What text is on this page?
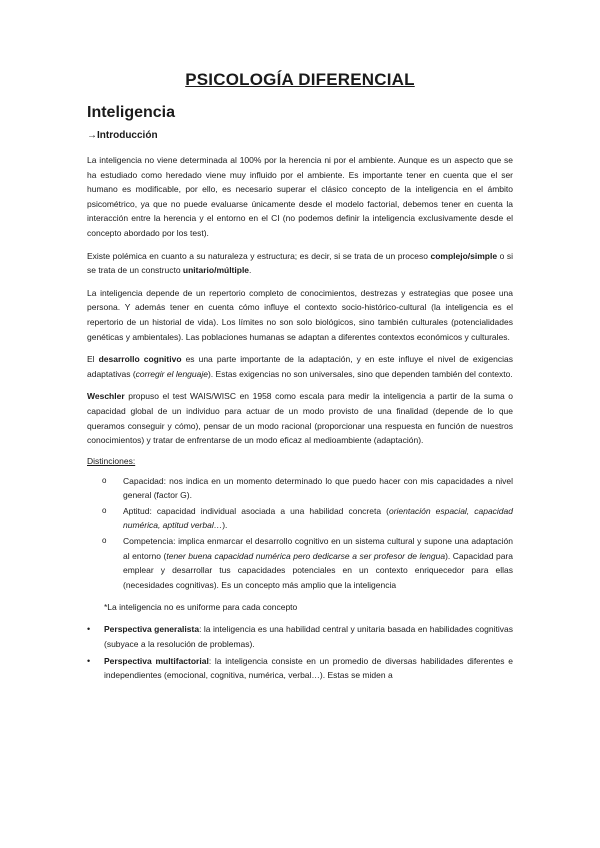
PSICOLOGÍA DIFERENCIAL
Inteligencia
→Introducción

La inteligencia no viene determinada al 100% por la herencia ni por el ambiente. Aunque es un aspecto que se ha estudiado como heredado viene muy influido por el ambiente. Es importante tener en cuenta que el ser humano es modificable, por ello, es necesario superar el clásico concepto de la inteligencia en el ámbito psicométrico, ya que no puede evaluarse únicamente desde el modelo factorial, debemos tener en cuenta la interacción entre la herencia y el entorno en el CI (no podemos definir la inteligencia exclusivamente desde el concepto abordado por los test).

Existe polémica en cuanto a su naturaleza y estructura; es decir, si se trata de un proceso complejo/simple o si se trata de un constructo unitario/múltiple.

La inteligencia depende de un repertorio completo de conocimientos, destrezas y estrategias que posee una persona. Y además tener en cuenta cómo influye el contexto socio-histórico-cultural (la inteligencia es el repertorio de un historial de vida). Los límites no son solo biológicos, sino también culturales (potencialidades genéticas y ambientales). Las poblaciones humanas se adaptan a diferentes contextos económicos y culturales.

El desarrollo cognitivo es una parte importante de la adaptación, y en este influye el nivel de exigencias adaptativas (corregir el lenguaje). Estas exigencias no son universales, sino que dependen también del contexto.

Weschler propuso el test WAIS/WISC en 1958 como escala para medir la inteligencia a partir de la suma o capacidad global de un individuo para actuar de un modo provisto de una finalidad (depende de lo que queramos conseguir y cómo), pensar de un modo racional (proporcionar una respuesta en función de nuestros conocimientos) y tratar de enfrentarse de un modo eficaz al medioambiente (adaptación).

Distinciones:
o Capacidad: nos indica en un momento determinado lo que puedo hacer con mis capacidades a nivel general (factor G).
o Aptitud: capacidad individual asociada a una habilidad concreta (orientación espacial, capacidad numérica, aptitud verbal…).
o Competencia: implica enmarcar el desarrollo cognitivo en un sistema cultural y supone una adaptación al entorno (tener buena capacidad numérica pero dedicarse a ser profesor de lengua). Capacidad para emplear y desarrollar tus capacidades potenciales en un contexto enriquecedor para ellas (necesidades cognitivas). Es un concepto más amplio que la inteligencia
*La inteligencia no es uniforme para cada concepto
• Perspectiva generalista: la inteligencia es una habilidad central y unitaria basada en habilidades cognitivas (subyace a la resolución de problemas).
• Perspectiva multifactorial: la inteligencia consiste en un promedio de diversas habilidades diferentes e independientes (emocional, cognitiva, numérica, verbal…). Estas se miden a
